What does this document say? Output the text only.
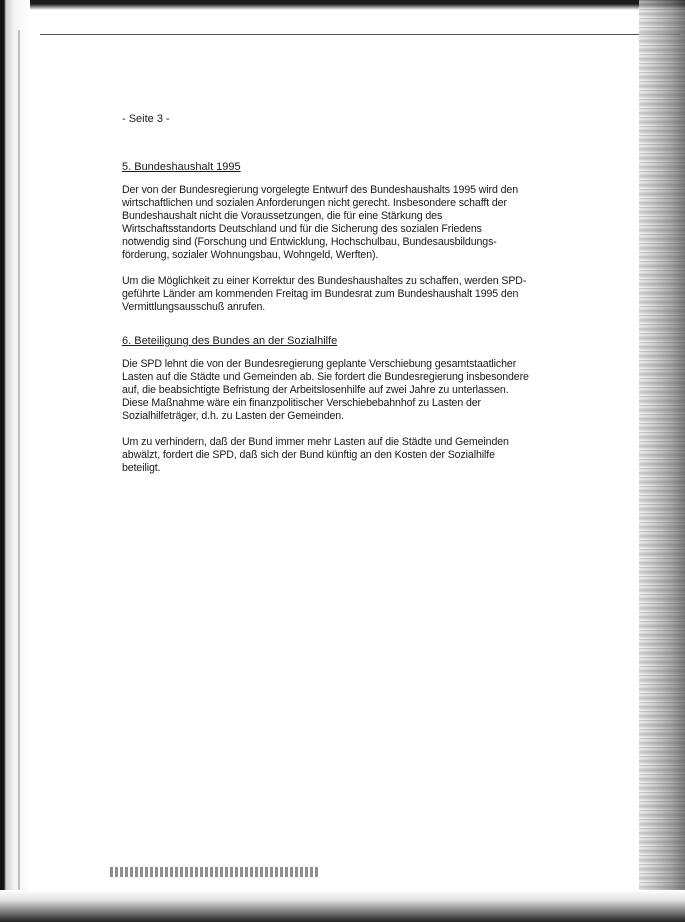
- Seite 3 -

5. Bundeshaushalt 1995

Der von der Bundesregierung vorgelegte Entwurf des Bundeshaushalts 1995 wird den wirtschaftlichen und sozialen Anforderungen nicht gerecht. Insbesondere schafft der Bundeshaushalt nicht die Voraussetzungen, die für eine Stärkung des Wirtschaftsstandorts Deutschland und für die Sicherung des sozialen Friedens notwendig sind (Forschung und Entwicklung, Hochschulbau, Bundesausbildungs-förderung, sozialer Wohnungsbau, Wohngeld, Werften).

Um die Möglichkeit zu einer Korrektur des Bundeshaushaltes zu schaffen, werden SPD-geführte Länder am kommenden Freitag im Bundesrat zum Bundeshaushalt 1995 den Vermittlungsausschuß anrufen.

6. Beteiligung des Bundes an der Sozialhilfe

Die SPD lehnt die von der Bundesregierung geplante Verschiebung gesamtstaatlicher Lasten auf die Städte und Gemeinden ab. Sie fordert die Bundesregierung insbesondere auf, die beabsichtigte Befristung der Arbeitslosenhilfe auf zwei Jahre zu unterlassen. Diese Maßnahme wäre ein finanzpolitischer Verschiebebahnhof zu Lasten der Sozialhilfeträger, d.h. zu Lasten der Gemeinden.

Um zu verhindern, daß der Bund immer mehr Lasten auf die Städte und Gemeinden abwälzt, fordert die SPD, daß sich der Bund künftig an den Kosten der Sozialhilfe beteiligt.
